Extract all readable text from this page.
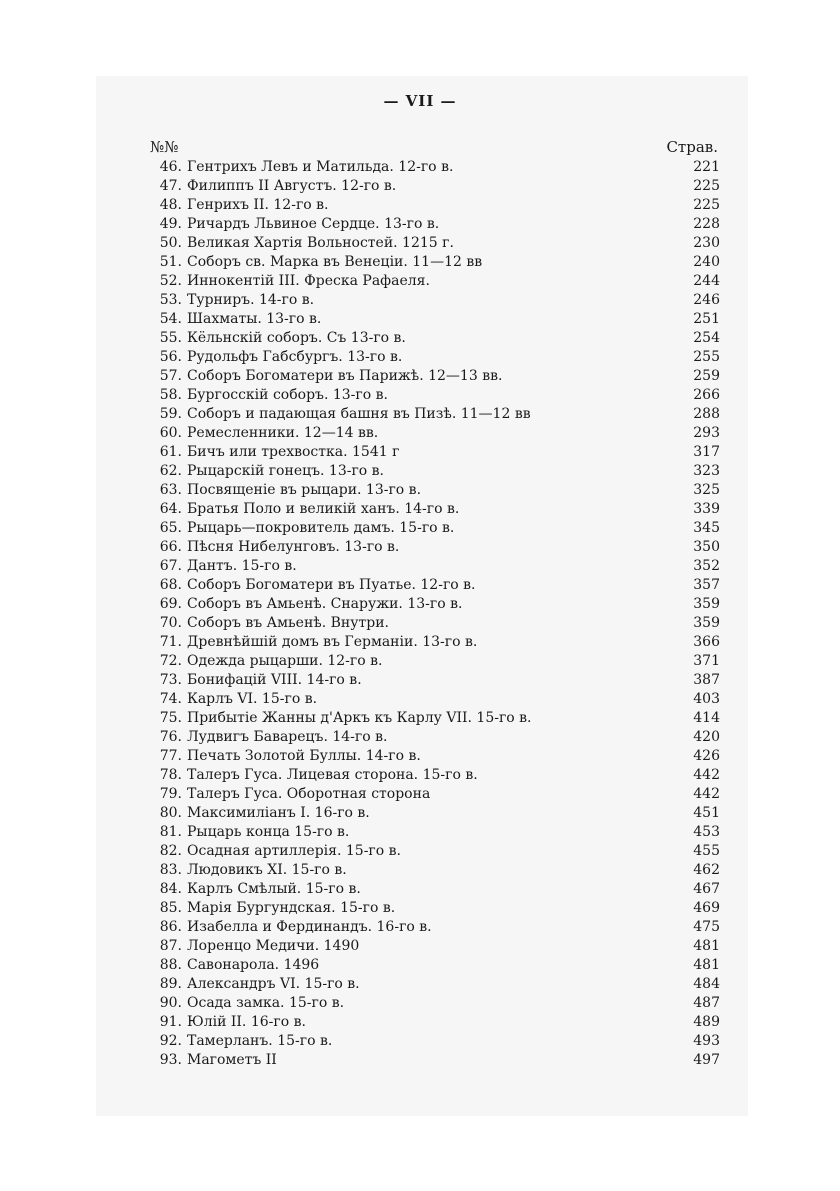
— VII —
№№	Страв.
46. Гентрихъ Левъ и Матильда. 12-го в.	221
47. Филиппъ II Августъ. 12-го в.	225
48. Генрихъ II. 12-го в.	225
49. Ричардъ Львиное Сердце. 13-го в.	228
50. Великая Хартія Вольностей. 1215 г.	230
51. Соборъ св. Марка въ Венеціи. 11—12 вв	240
52. Иннокентій III. Фреска Рафаеля.	244
53. Турниръ. 14-го в.	246
54. Шахматы. 13-го в.	251
55. Кёльнскій соборъ. Съ 13-го в.	254
56. Рудольфъ Габсбургъ. 13-го в.	255
57. Соборъ Богоматери въ Парижѣ. 12—13 вв.	259
58. Бургосскій соборъ. 13-го в.	266
59. Соборъ и падающая башня въ Пизѣ. 11—12 вв	288
60. Ремесленники. 12—14 вв.	293
61. Бичъ или трехвостка. 1541 г	317
62. Рыцарскій гонецъ. 13-го в.	323
63. Посвященіе въ рыцари. 13-го в.	325
64. Братья Поло и великій ханъ. 14-го в.	339
65. Рыцарь—покровитель дамъ. 15-го в.	345
66. Пѣсня Нибелунговъ. 13-го в.	350
67. Дантъ. 15-го в.	352
68. Соборъ Богоматери въ Пуатье. 12-го в.	357
69. Соборъ въ Амьенѣ. Снаружи. 13-го в.	359
70. Соборъ въ Амьенѣ. Внутри.	359
71. Древнѣйшій домъ въ Германіи. 13-го в.	366
72. Одежда рыцарши. 12-го в.	371
73. Бонифацій VIII. 14-го в.	387
74. Карлъ VI. 15-го в.	403
75. Прибытіе Жанны д'Аркъ къ Карлу VII. 15-го в.	414
76. Лудвигъ Баварецъ. 14-го в.	420
77. Печать Золотой Буллы. 14-го в.	426
78. Талеръ Гуса. Лицевая сторона. 15-го в.	442
79. Талеръ Гуса. Оборотная сторона	442
80. Максимиліанъ I. 16-го в.	451
81. Рыцарь конца 15-го в.	453
82. Осадная артиллерія. 15-го в.	455
83. Людовикъ XI. 15-го в.	462
84. Карлъ Смѣлый. 15-го в.	467
85. Марія Бургундская. 15-го в.	469
86. Изабелла и Фердинандъ. 16-го в.	475
87. Лоренцо Медичи. 1490	481
88. Савонарола. 1496	481
89. Александръ VI. 15-го в.	484
90. Осада замка. 15-го в.	487
91. Юлій II. 16-го в.	489
92. Тамерланъ. 15-го в.	493
93. Магометъ II	497
